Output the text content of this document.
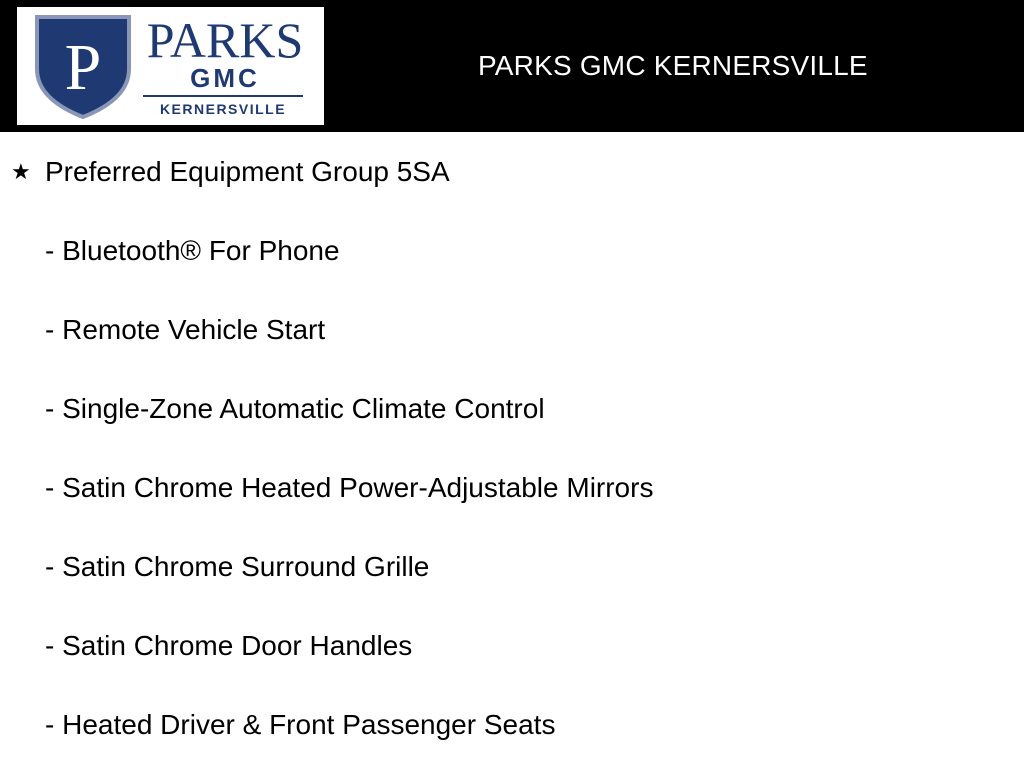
P PARKS
GMC
KERNERSVILLE
PARKS GMC KERNERSVILLE
★ Preferred Equipment Group 5SA
- Bluetooth® For Phone
- Remote Vehicle Start
- Single-Zone Automatic Climate Control
- Satin Chrome Heated Power-Adjustable Mirrors
- Satin Chrome Surround Grille
- Satin Chrome Door Handles
- Heated Driver & Front Passenger Seats
